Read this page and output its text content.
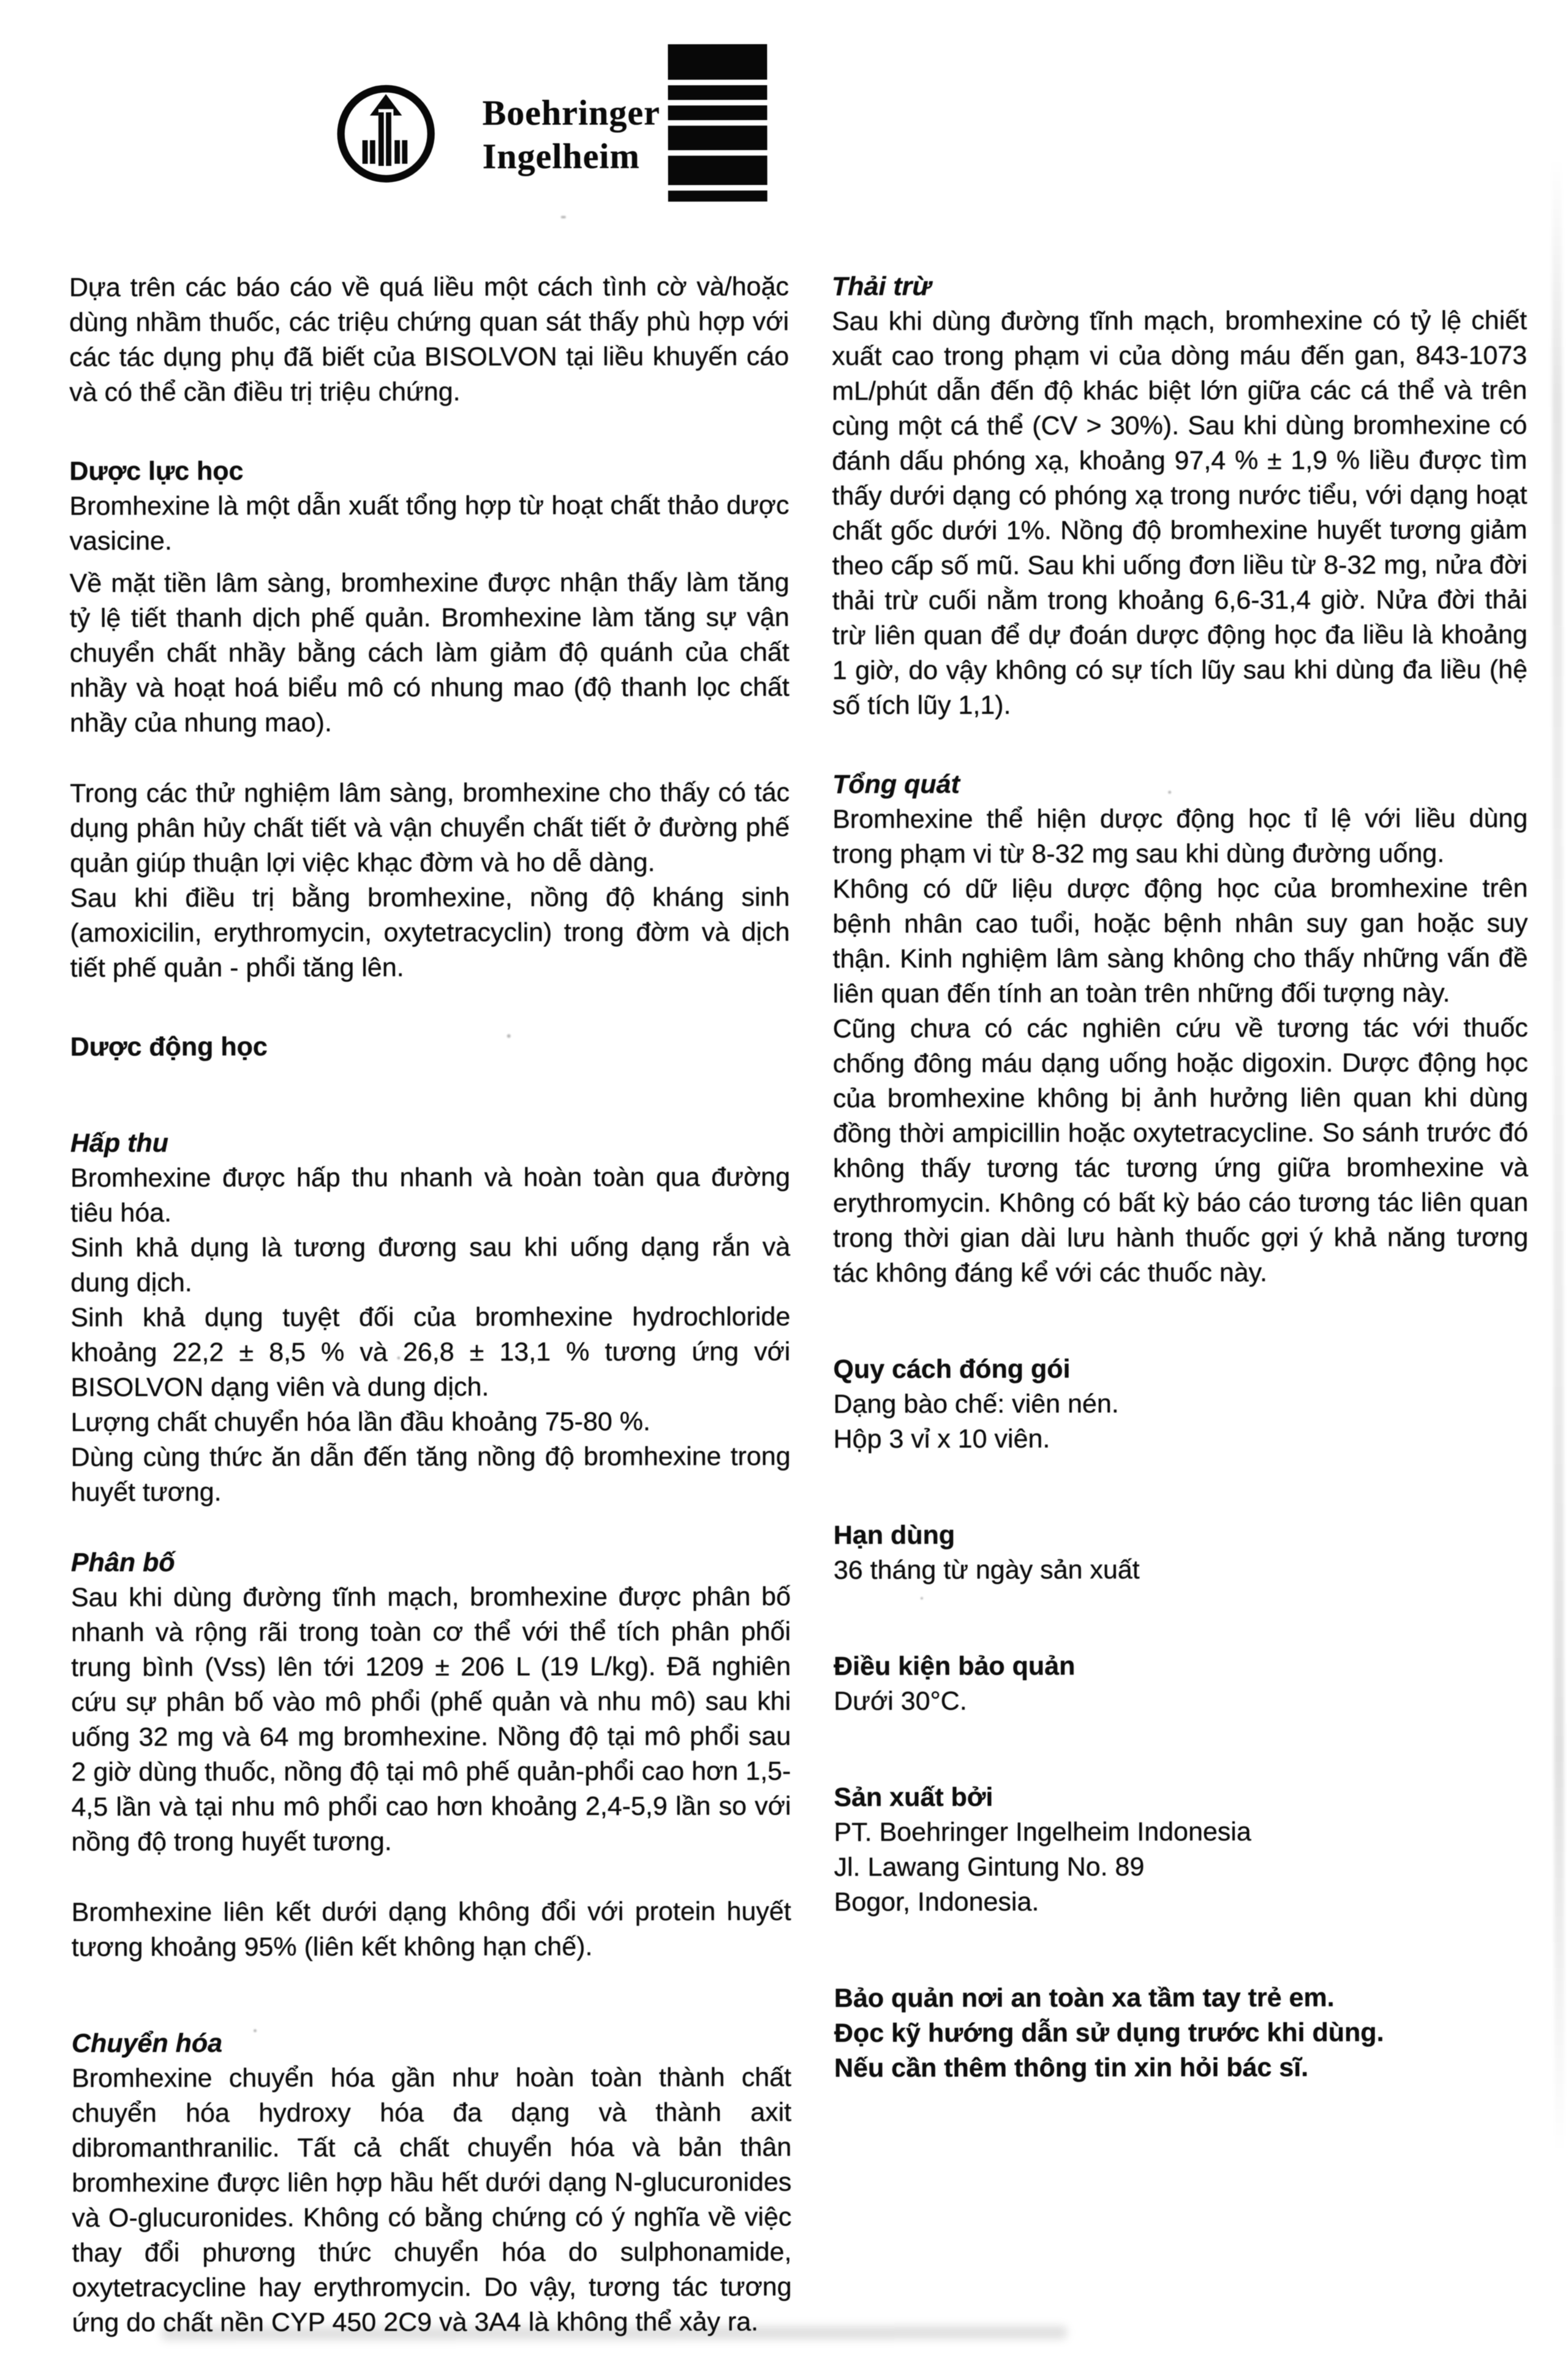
Boehringer
Ingelheim

Dựa trên các báo cáo về quá liều một cách tình cờ và/hoặc dùng nhầm thuốc, các triệu chứng quan sát thấy phù hợp với các tác dụng phụ đã biết của BISOLVON tại liều khuyến cáo và có thể cần điều trị triệu chứng.

Dược lực học

Bromhexine là một dẫn xuất tổng hợp từ hoạt chất thảo dược vasicine.

Về mặt tiền lâm sàng, bromhexine được nhận thấy làm tăng tỷ lệ tiết thanh dịch phế quản. Bromhexine làm tăng sự vận chuyển chất nhầy bằng cách làm giảm độ quánh của chất nhầy và hoạt hoá biểu mô có nhung mao (độ thanh lọc chất nhầy của nhung mao).

Trong các thử nghiệm lâm sàng, bromhexine cho thấy có tác dụng phân hủy chất tiết và vận chuyển chất tiết ở đường phế quản giúp thuận lợi việc khạc đờm và ho dễ dàng.

Sau khi điều trị bằng bromhexine, nồng độ kháng sinh (amoxicilin, erythromycin, oxytetracyclin) trong đờm và dịch tiết phế quản - phổi tăng lên.

Dược động học

Hấp thu

Bromhexine được hấp thu nhanh và hoàn toàn qua đường tiêu hóa.

Sinh khả dụng là tương đương sau khi uống dạng rắn và dung dịch.

Sinh khả dụng tuyệt đối của bromhexine hydrochloride khoảng 22,2 ± 8,5 % và 26,8 ± 13,1 % tương ứng với BISOLVON dạng viên và dung dịch.

Lượng chất chuyển hóa lần đầu khoảng 75-80 %.

Dùng cùng thức ăn dẫn đến tăng nồng độ bromhexine trong huyết tương.

Phân bố

Sau khi dùng đường tĩnh mạch, bromhexine được phân bố nhanh và rộng rãi trong toàn cơ thể với thể tích phân phối trung bình (Vss) lên tới 1209 ± 206 L (19 L/kg). Đã nghiên cứu sự phân bố vào mô phổi (phế quản và nhu mô) sau khi uống 32 mg và 64 mg bromhexine. Nồng độ tại mô phổi sau 2 giờ dùng thuốc, nồng độ tại mô phế quản-phổi cao hơn 1,5-4,5 lần và tại nhu mô phổi cao hơn khoảng 2,4-5,9 lần so với nồng độ trong huyết tương.

Bromhexine liên kết dưới dạng không đổi với protein huyết tương khoảng 95% (liên kết không hạn chế).

Chuyển hóa

Bromhexine chuyển hóa gần như hoàn toàn thành chất chuyển hóa hydroxy hóa đa dạng và thành axit dibromanthranilic. Tất cả chất chuyển hóa và bản thân bromhexine được liên hợp hầu hết dưới dạng N-glucuronides và O-glucuronides. Không có bằng chứng có ý nghĩa về việc thay đổi phương thức chuyển hóa do sulphonamide, oxytetracycline hay erythromycin. Do vậy, tương tác tương ứng do chất nền CYP 450 2C9 và 3A4 là không thể xảy ra.

Thải trừ

Sau khi dùng đường tĩnh mạch, bromhexine có tỷ lệ chiết xuất cao trong phạm vi của dòng máu đến gan, 843-1073 mL/phút dẫn đến độ khác biệt lớn giữa các cá thể và trên cùng một cá thể (CV > 30%). Sau khi dùng bromhexine có đánh dấu phóng xạ, khoảng 97,4 % ± 1,9 % liều được tìm thấy dưới dạng có phóng xạ trong nước tiểu, với dạng hoạt chất gốc dưới 1%. Nồng độ bromhexine huyết tương giảm theo cấp số mũ. Sau khi uống đơn liều từ 8-32 mg, nửa đời thải trừ cuối nằm trong khoảng 6,6-31,4 giờ. Nửa đời thải trừ liên quan để dự đoán dược động học đa liều là khoảng 1 giờ, do vậy không có sự tích lũy sau khi dùng đa liều (hệ số tích lũy 1,1).

Tổng quát

Bromhexine thể hiện dược động học tỉ lệ với liều dùng trong phạm vi từ 8-32 mg sau khi dùng đường uống.

Không có dữ liệu dược động học của bromhexine trên bệnh nhân cao tuổi, hoặc bệnh nhân suy gan hoặc suy thận. Kinh nghiệm lâm sàng không cho thấy những vấn đề liên quan đến tính an toàn trên những đối tượng này.

Cũng chưa có các nghiên cứu về tương tác với thuốc chống đông máu dạng uống hoặc digoxin. Dược động học của bromhexine không bị ảnh hưởng liên quan khi dùng đồng thời ampicillin hoặc oxytetracycline. So sánh trước đó không thấy tương tác tương ứng giữa bromhexine và erythromycin. Không có bất kỳ báo cáo tương tác liên quan trong thời gian dài lưu hành thuốc gợi ý khả năng tương tác không đáng kể với các thuốc này.

Quy cách đóng gói

Dạng bào chế: viên nén.

Hộp 3 vỉ x 10 viên.

Hạn dùng

36 tháng từ ngày sản xuất

Điều kiện bảo quản

Dưới 30°C.

Sản xuất bởi

PT. Boehringer Ingelheim Indonesia

Jl. Lawang Gintung No. 89

Bogor, Indonesia.

Bảo quản nơi an toàn xa tầm tay trẻ em.

Đọc kỹ hướng dẫn sử dụng trước khi dùng.

Nếu cần thêm thông tin xin hỏi bác sĩ.
